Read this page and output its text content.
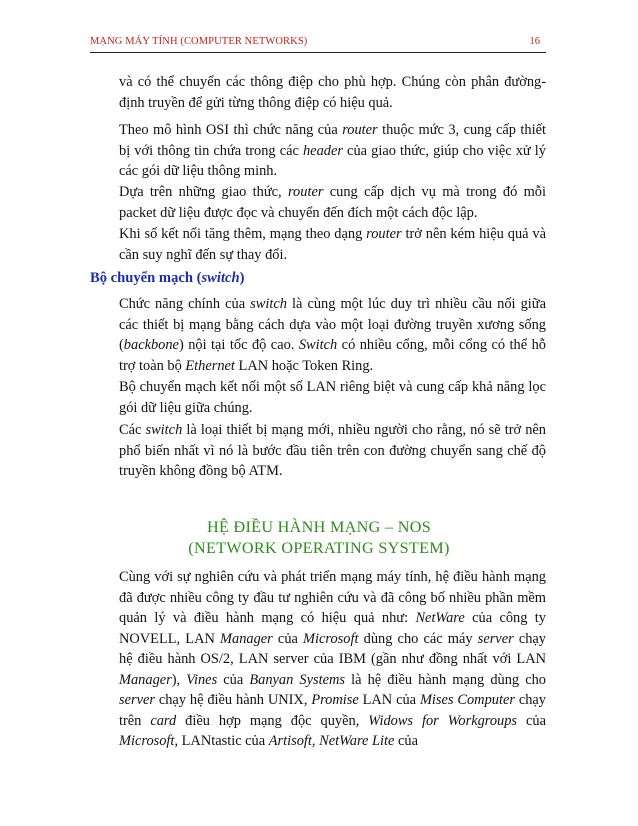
MẠNG MÁY TÍNH (COMPUTER NETWORKS)	16
và có thể chuyển các thông điệp cho phù hợp. Chúng còn phân đường-định truyền để gửi từng thông điệp có hiệu quả.
Theo mô hình OSI thì chức năng của router thuộc mức 3, cung cấp thiết bị với thông tin chứa trong các header của giao thức, giúp cho việc xử lý các gói dữ liệu thông minh.
Dựa trên những giao thức, router cung cấp dịch vụ mà trong đó mỗi packet dữ liệu được đọc và chuyển đến đích một cách độc lập.
Khi số kết nối tăng thêm, mạng theo dạng router trở nên kém hiệu quả và cần suy nghĩ đến sự thay đổi.
Bộ chuyển mạch (switch)
Chức năng chính của switch là cùng một lúc duy trì nhiều cầu nối giữa các thiết bị mạng bằng cách dựa vào một loại đường truyền xương sống (backbone) nội tại tốc độ cao. Switch có nhiều cổng, mỗi cổng có thể hỗ trợ toàn bộ Ethernet LAN hoặc Token Ring.
Bộ chuyển mạch kết nối một số LAN riêng biệt và cung cấp khả năng lọc gói dữ liệu giữa chúng.
Các switch là loại thiết bị mạng mới, nhiều người cho rằng, nó sẽ trở nên phổ biến nhất vì nó là bước đầu tiên trên con đường chuyển sang chế độ truyền không đồng bộ ATM.
HỆ ĐIỀU HÀNH MẠNG – NOS
(NETWORK OPERATING SYSTEM)
Cùng với sự nghiên cứu và phát triển mạng máy tính, hệ điều hành mạng đã được nhiều công ty đầu tư nghiên cứu và đã công bố nhiều phần mềm quản lý và điều hành mạng có hiệu quả như: NetWare của công ty NOVELL, LAN Manager của Microsoft dùng cho các máy server chạy hệ điều hành OS/2, LAN server của IBM (gần như đồng nhất với LAN Manager), Vines của Banyan Systems là hệ điều hành mạng dùng cho server chạy hệ điều hành UNIX, Promise LAN của Mises Computer chạy trên card điều hợp mạng độc quyền, Widows for Workgroups của Microsoft, LANtastic của Artisoft, NetWare Lite của
